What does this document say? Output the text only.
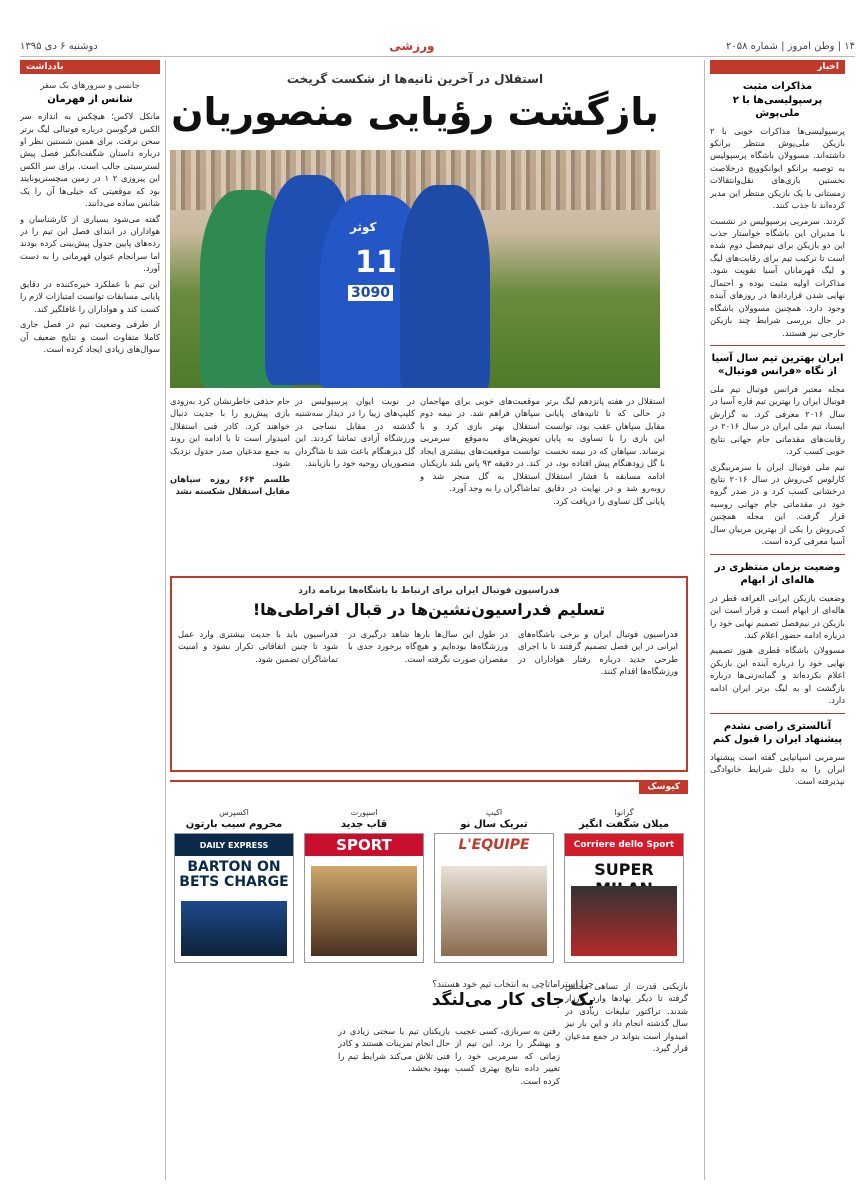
۱۴ | وطن امروز | شماره ۲۰۵۸
ورزشی
دوشنبه ۶ دی ۱۳۹۵
اخبار
مذاکرات مثبت پرسپولیسی‌ها با ۲ ملی‌پوش

پرسپولیسی‌ها مذاکرات خوبی با ۲ بازیکن ملی‌پوش منتظر برانکو داشته‌اند. مسوولان باشگاه پرسپولیس به توصیه برانکو ایوانکوویچ درخلاصت نخستین بازی‌های نقل‌وانتقالات زمستانی با یک بازیکن منتظر این مدیر کرده‌اند تا جذب کنند.

کردند. سرمربی پرسپولیس در نشست با مدیران این باشگاه خواستار جذب این دو بازیکن برای نیم‌فصل دوم شده است تا ترکیب تیم برای رقابت‌های لیگ و لیگ قهرمانان آسیا تقویت شود. مذاکرات اولیه مثبت بوده و احتمال نهایی شدن قرارداد‌ها در روزهای آینده وجود دارد. همچنین مسوولان باشگاه در حال بررسی شرایط چند بازیکن خارجی نیز هستند.

ایران بهترین تیم سال آسیا از نگاه «فرانس فوتبال»

مجله معتبر فرانس فوتبال تیم ملی فوتبال ایران را بهترین تیم قاره آسیا در سال ۲۰۱۶ معرفی کرد. به گزارش ایسنا، تیم ملی ایران در سال ۲۰۱۶ در رقابت‌های مقدماتی جام جهانی نتایج خوبی کسب کرد.

تیم ملی فوتبال ایران با سرمربیگری کارلوس کی‌روش در سال ۲۰۱۶ نتایج درخشانی کسب کرد و در صدر گروه خود در مقدماتی جام جهانی روسیه قرار گرفت. این مجله همچنین کی‌روش را یکی از بهترین مربیان سال آسیا معرفی کرده است.

وضعیت بزمان منتظری در هاله‌ای از ابهام

وضعیت بازیکن ایرانی الغرافه قطر در هاله‌ای از ابهام است و قرار است این بازیکن در نیم‌فصل تصمیم نهایی خود را درباره ادامه حضور اعلام کند.

مسوولان باشگاه قطری هنوز تصمیم نهایی خود را درباره آینده این بازیکن اعلام نکرده‌اند و گمانه‌زنی‌ها درباره بازگشت او به لیگ برتر ایران ادامه دارد.

آنالستر‌ی راضی نشدم پیشنهاد ایران را قبول کنم

سرمربی اسپانیایی گفته است پیشنهاد ایران را به دلیل شرایط خانوادگی نپذیرفته است.

بادداشت
جانسی و سرورهای بک سفر
شانس از فهرمان

مانکل لاکس؛ هیچکس به اندازه سر الکس فرگوسن درباره فوتبالی لیگ برتر سخن نرفت. برای همین شستین نظر او درباره داستان شگفت‌انگیز فصل پیش لسترسیتی جالب است. برای سر الکس این پیروزی ۲ ۱ در زمین منچستریونایتد بود که موقعیتی که خیلی‌ها آن را یک شانس ساده می‌دانند.

گفته می‌شود بسیاری از کارشناسان و هواداران در ابتدای فصل این تیم را در رده‌های پایین جدول پیش‌بینی کرده بودند اما سرانجام عنوان قهرمانی را به دست آورد.

این تیم با عملکرد خیره‌کننده در دقایق پایانی مسابقات توانست امتیازات لازم را کسب کند و هواداران را غافلگیر کند.

از طرفی وضعیت تیم در فصل جاری کاملا متفاوت است و نتایج ضعیف آن سوال‌های زیادی ایجاد کرده است.

استقلال در آخرین ثانیه‌ها از شکست گریخت
بازگشت رؤیایی منصوریان
11
3090
کوثر

استقلال در هفته پانزدهم لیگ برتر در حالی که تا ثانیه‌های پایانی مقابل سپاهان عقب بود، توانست این بازی را با تساوی به پایان برساند. سپاهان که در نیمه نخست با گل زودهنگام پیش افتاده بود، در ادامه مسابقه با فشار استقلال روبه‌رو شد و در نهایت در دقایق پایانی گل تساوی را دریافت کرد.

موقعیت‌های خوبی برای مهاجمان سپاهان فراهم شد. در نیمه دوم استقلال بهتر بازی کرد و با تعویض‌های به‌موقع سرمربی توانست موقعیت‌های بیشتری ایجاد کند. در دقیقه ۹۳ پاس بلند بازیکنان استقلال به گل منجر شد و تماشاگران را به وجد آورد.

در نوبت ایوان پرسپولیس در کلیپ‌های زیبا را در دیدار سه‌شنبه گذشته در مقابل نساجی در ورزشگاه آزادی تماشا کردند. این گل دیرهنگام باعث شد تا شاگردان منصوریان روحیه خود را بازیابند.

جام حذفی خاطرنشان کرد به‌زودی بازی پیش‌رو را با جدیت دنبال خواهند کرد. کادر فنی استقلال امیدوار است تا با ادامه این روند به جمع مدعیان صدر جدول نزدیک شود.

طلسم ۶۶۴ روزه سپاهان مقابل استقلال شکسته نشد

فدراسیون فوتبال ایران برای ارتباط با باشگاه‌ها برنامه دارد
تسلیم فدراسیون‌نشین‌ها در قبال افراطی‌ها!

فدراسیون فوتبال ایران و برخی باشگاه‌های ایرانی در این فصل تصمیم گرفتند تا با اجرای طرحی جدید درباره رفتار هواداران در ورزشگاه‌ها اقدام کنند.

در طول این سال‌ها بارها شاهد درگیری در ورزشگاه‌ها بوده‌ایم و هیچ‌گاه برخورد جدی با مقصران صورت نگرفته است.

فدراسیون باید با جدیت بیشتری وارد عمل شود تا چنین اتفاقاتی تکرار نشود و امنیت تماشاگران تضمین شود.

کیوسک
گرانوا
میلان شگفت انگیز
Corriere dello Sport
SUPER
اکیپ
تبریک سال نو
L'EQUIPE
اسپورت
قاب جدید
SPORT
اکسپرس
محروم سیب بارتون
DAILY EXPRESS
BARTON ON BETS CHARGE
چرا استراماتاچی به انتخاب تیم خود هستند؟
یک جای کار می‌لنگد

بازیکنی قدرت از تساهی مجلس گرفته تا دیگر نهادها وارد کارزار شدند. تراکتور تبلیغات زیادی در سال گذشته انجام داد و این بار نیز امیدوار است بتواند در جمع مدعیان قرار گیرد.

رفتن به سربازی، کسی عجیب و بهشگر را برد. این تیم از زمانی که سرمربی خود را تغییر داده نتایج بهتری کسب کرده است.

بازیکنان تیم با سختی زیادی در حال انجام تمرینات هستند و کادر فنی تلاش می‌کند شرایط تیم را بهبود بخشد.
